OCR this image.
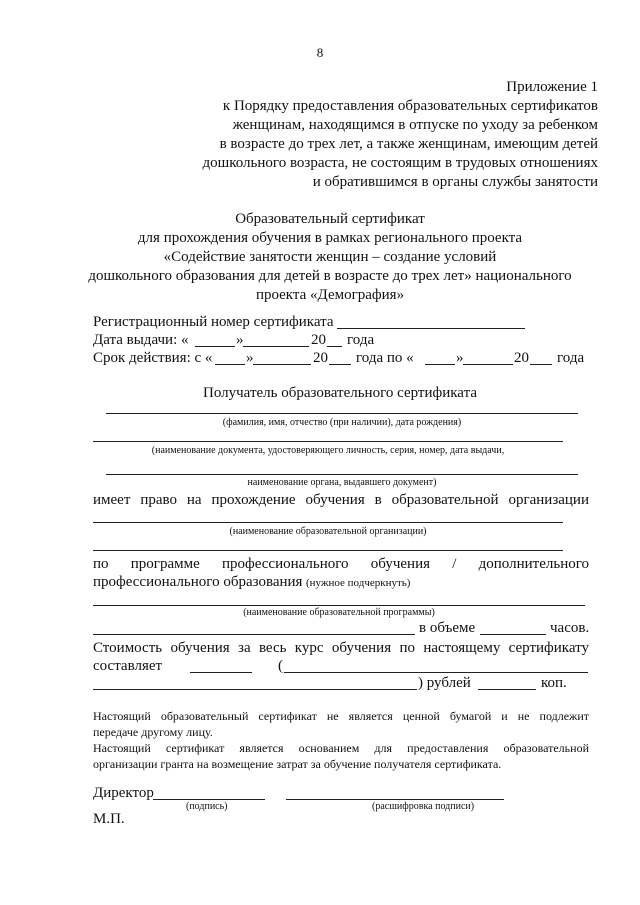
8
Приложение 1
к Порядку предоставления образовательных сертификатов
женщинам, находящимся в отпуске по уходу за ребенком
в возрасте до трех лет, а также женщинам, имеющим детей
дошкольного возраста, не состоящим в трудовых отношениях
и обратившимся в органы службы занятости
Образовательный сертификат
для прохождения обучения в рамках регионального проекта
«Содействие занятости женщин – создание условий
дошкольного образования для детей в возрасте до трех лет» национального
проекта «Демография»
Регистрационный номер сертификата
Дата выдачи: «	»	20 года
Срок действия: с « »	20 года по «	»	20 года
Получатель образовательного сертификата
(фамилия, имя, отчество (при наличии), дата рождения)
(наименование документа, удостоверяющего личность, серия, номер, дата выдачи,
наименование органа, выдавшего документ)
имеет право на прохождение обучения в образовательной организации
(наименование образовательной организации)
по программе профессионального обучения / дополнительного
профессионального образования (нужное подчеркнуть)
(наименование образовательной программы)
в объеме	часов.
Стоимость обучения за весь курс обучения по настоящему сертификату
составляет	(
) рублей	коп.
Настоящий образовательный сертификат не является ценной бумагой и не подлежит
передаче другому лицу.
Настоящий сертификат является основанием для предоставления образовательной
организации гранта на возмещение затрат за обучение получателя сертификата.
Директор
(подпись)	(расшифровка подписи)
М.П.
